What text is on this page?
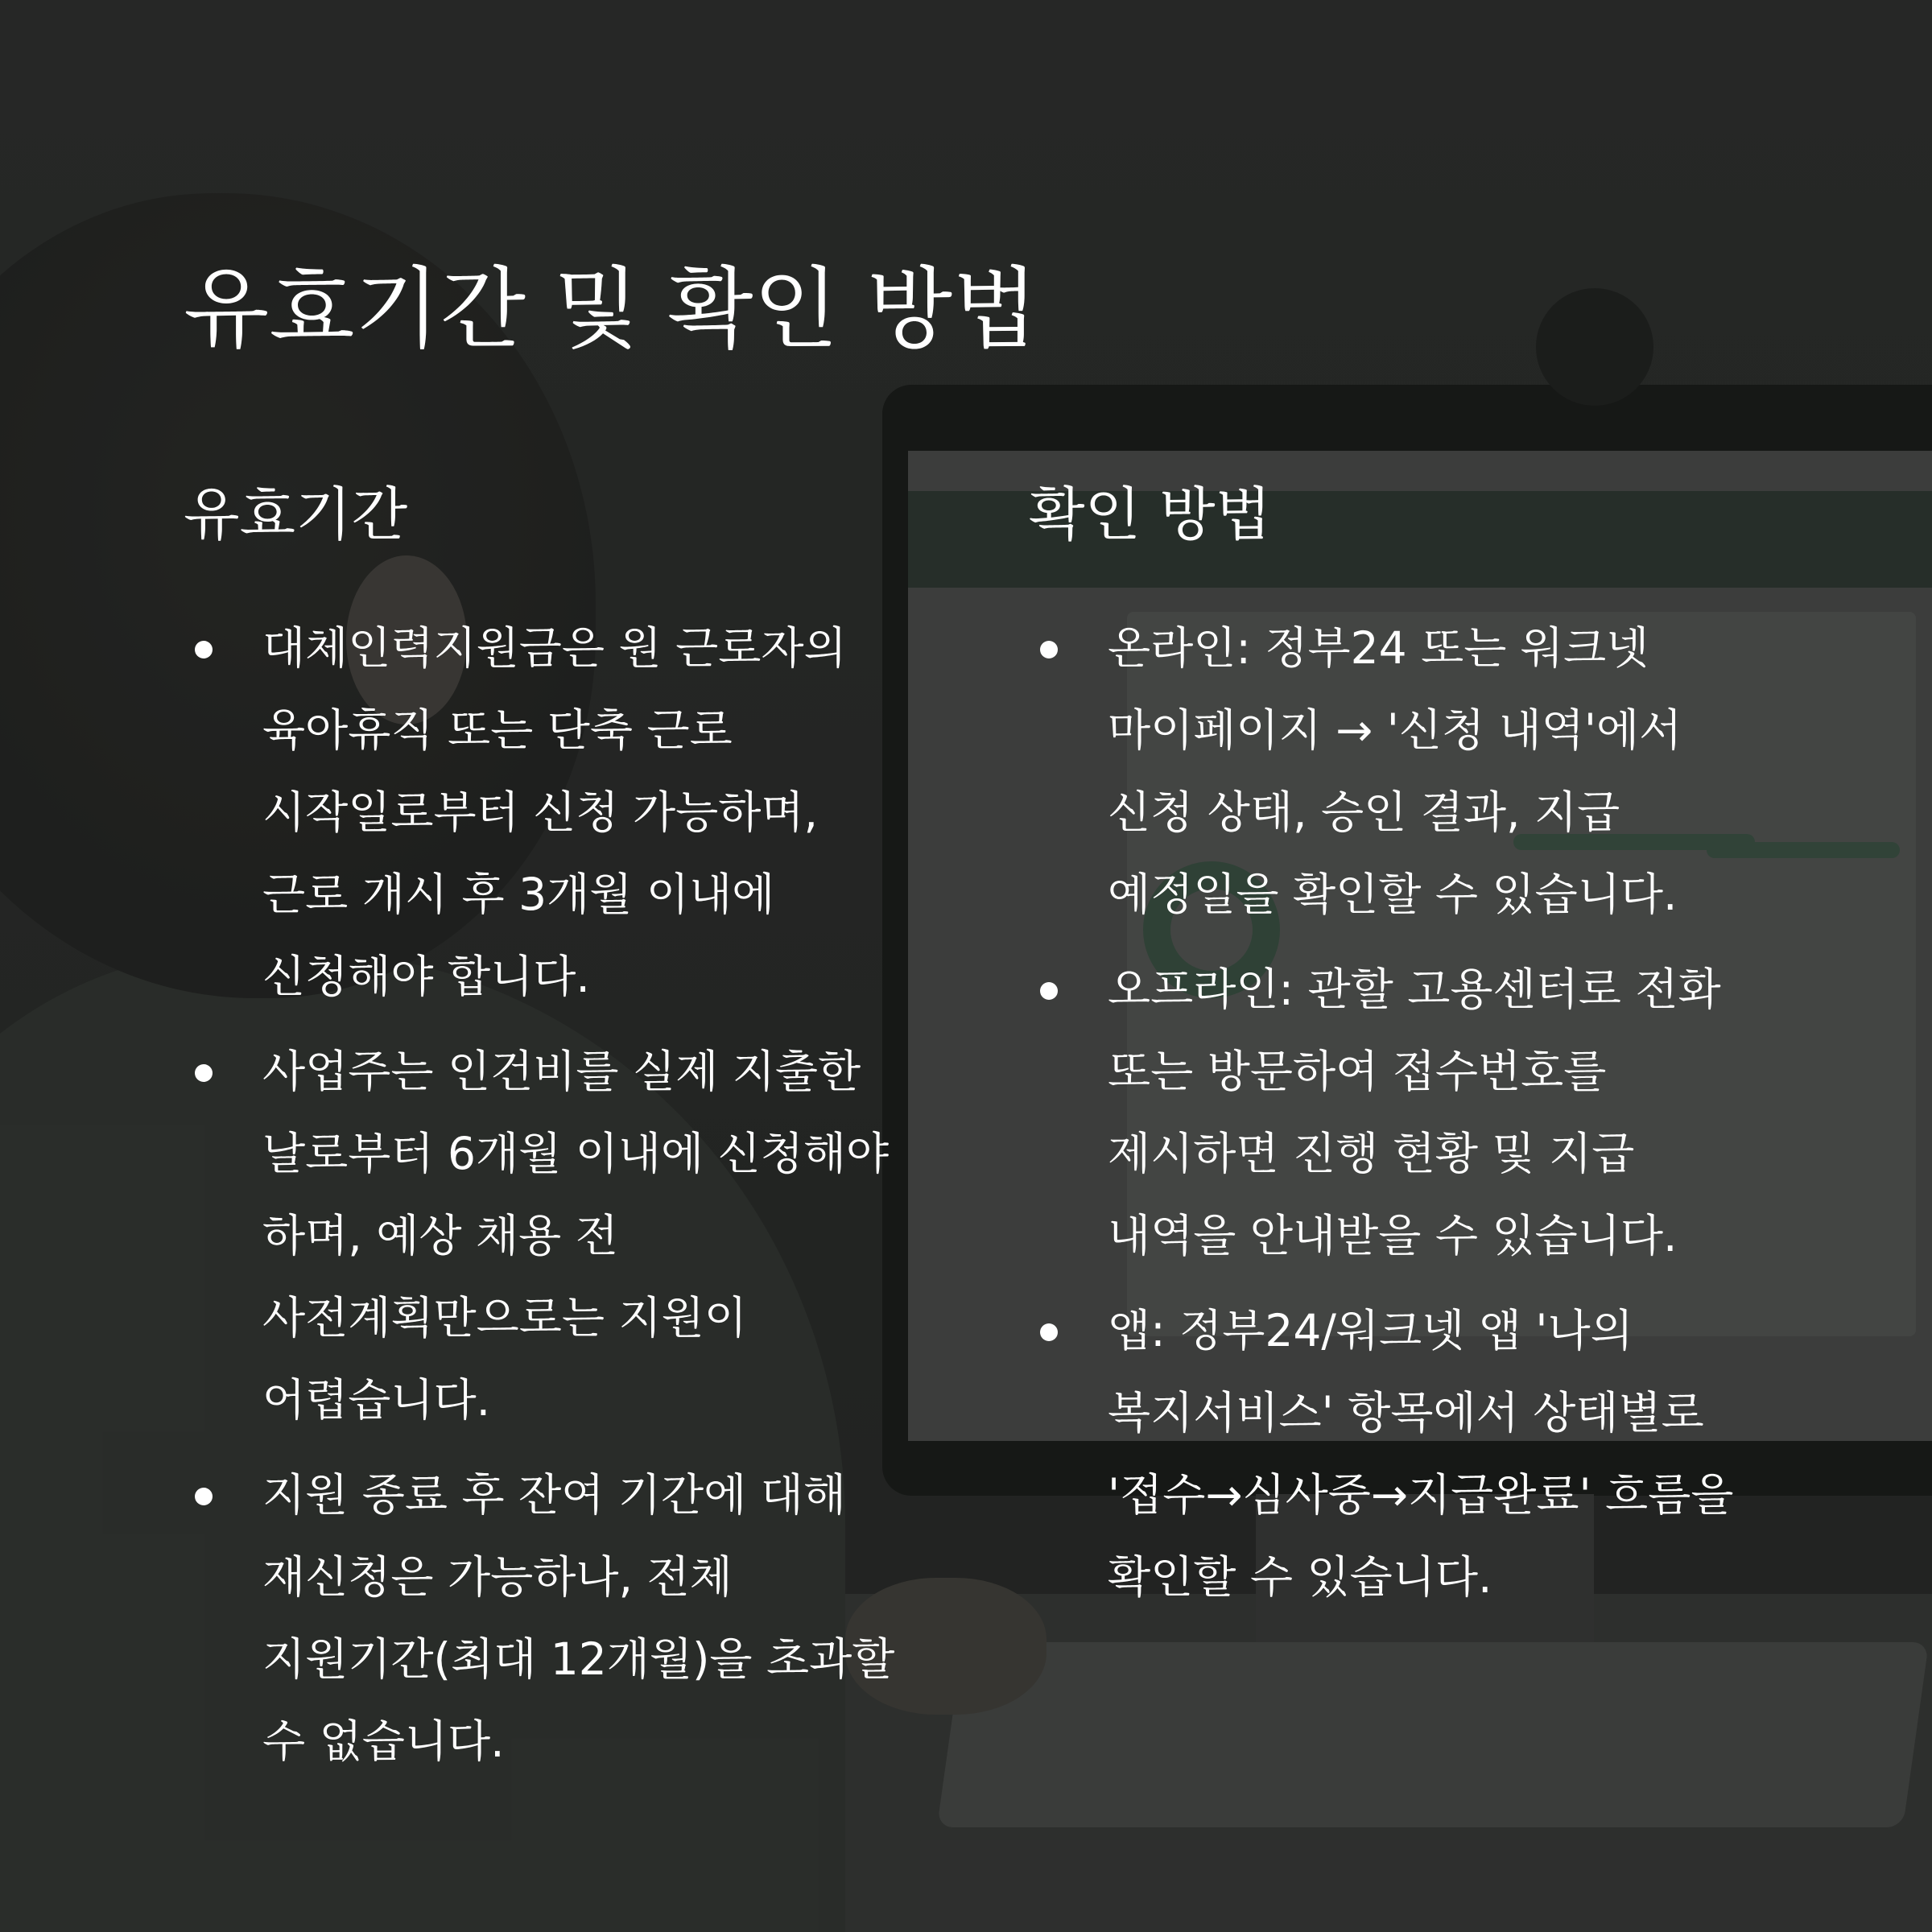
유효기간 및 확인 방법
유효기간
대체인력지원금은 원 근로자의 육아휴직 또는 단축 근로 시작일로부터 신청 가능하며, 근로 개시 후 3개월 이내에 신청해야 합니다.
사업주는 인건비를 실제 지출한 날로부터 6개월 이내에 신청해야 하며, 예상 채용 전 사전계획만으로는 지원이 어렵습니다.
지원 종료 후 잔여 기간에 대해 재신청은 가능하나, 전체 지원기간(최대 12개월)을 초과할 수 없습니다.
확인 방법
온라인: 정부24 또는 워크넷 마이페이지 → '신청 내역'에서 신청 상태, 승인 결과, 지급 예정일을 확인할 수 있습니다.
오프라인: 관할 고용센터로 전화 또는 방문하여 접수번호를 제시하면 진행 현황 및 지급 내역을 안내받을 수 있습니다.
앱: 정부24/워크넷 앱 '나의 복지서비스' 항목에서 상태별로 '접수→심사중→지급완료' 흐름을 확인할 수 있습니다.
